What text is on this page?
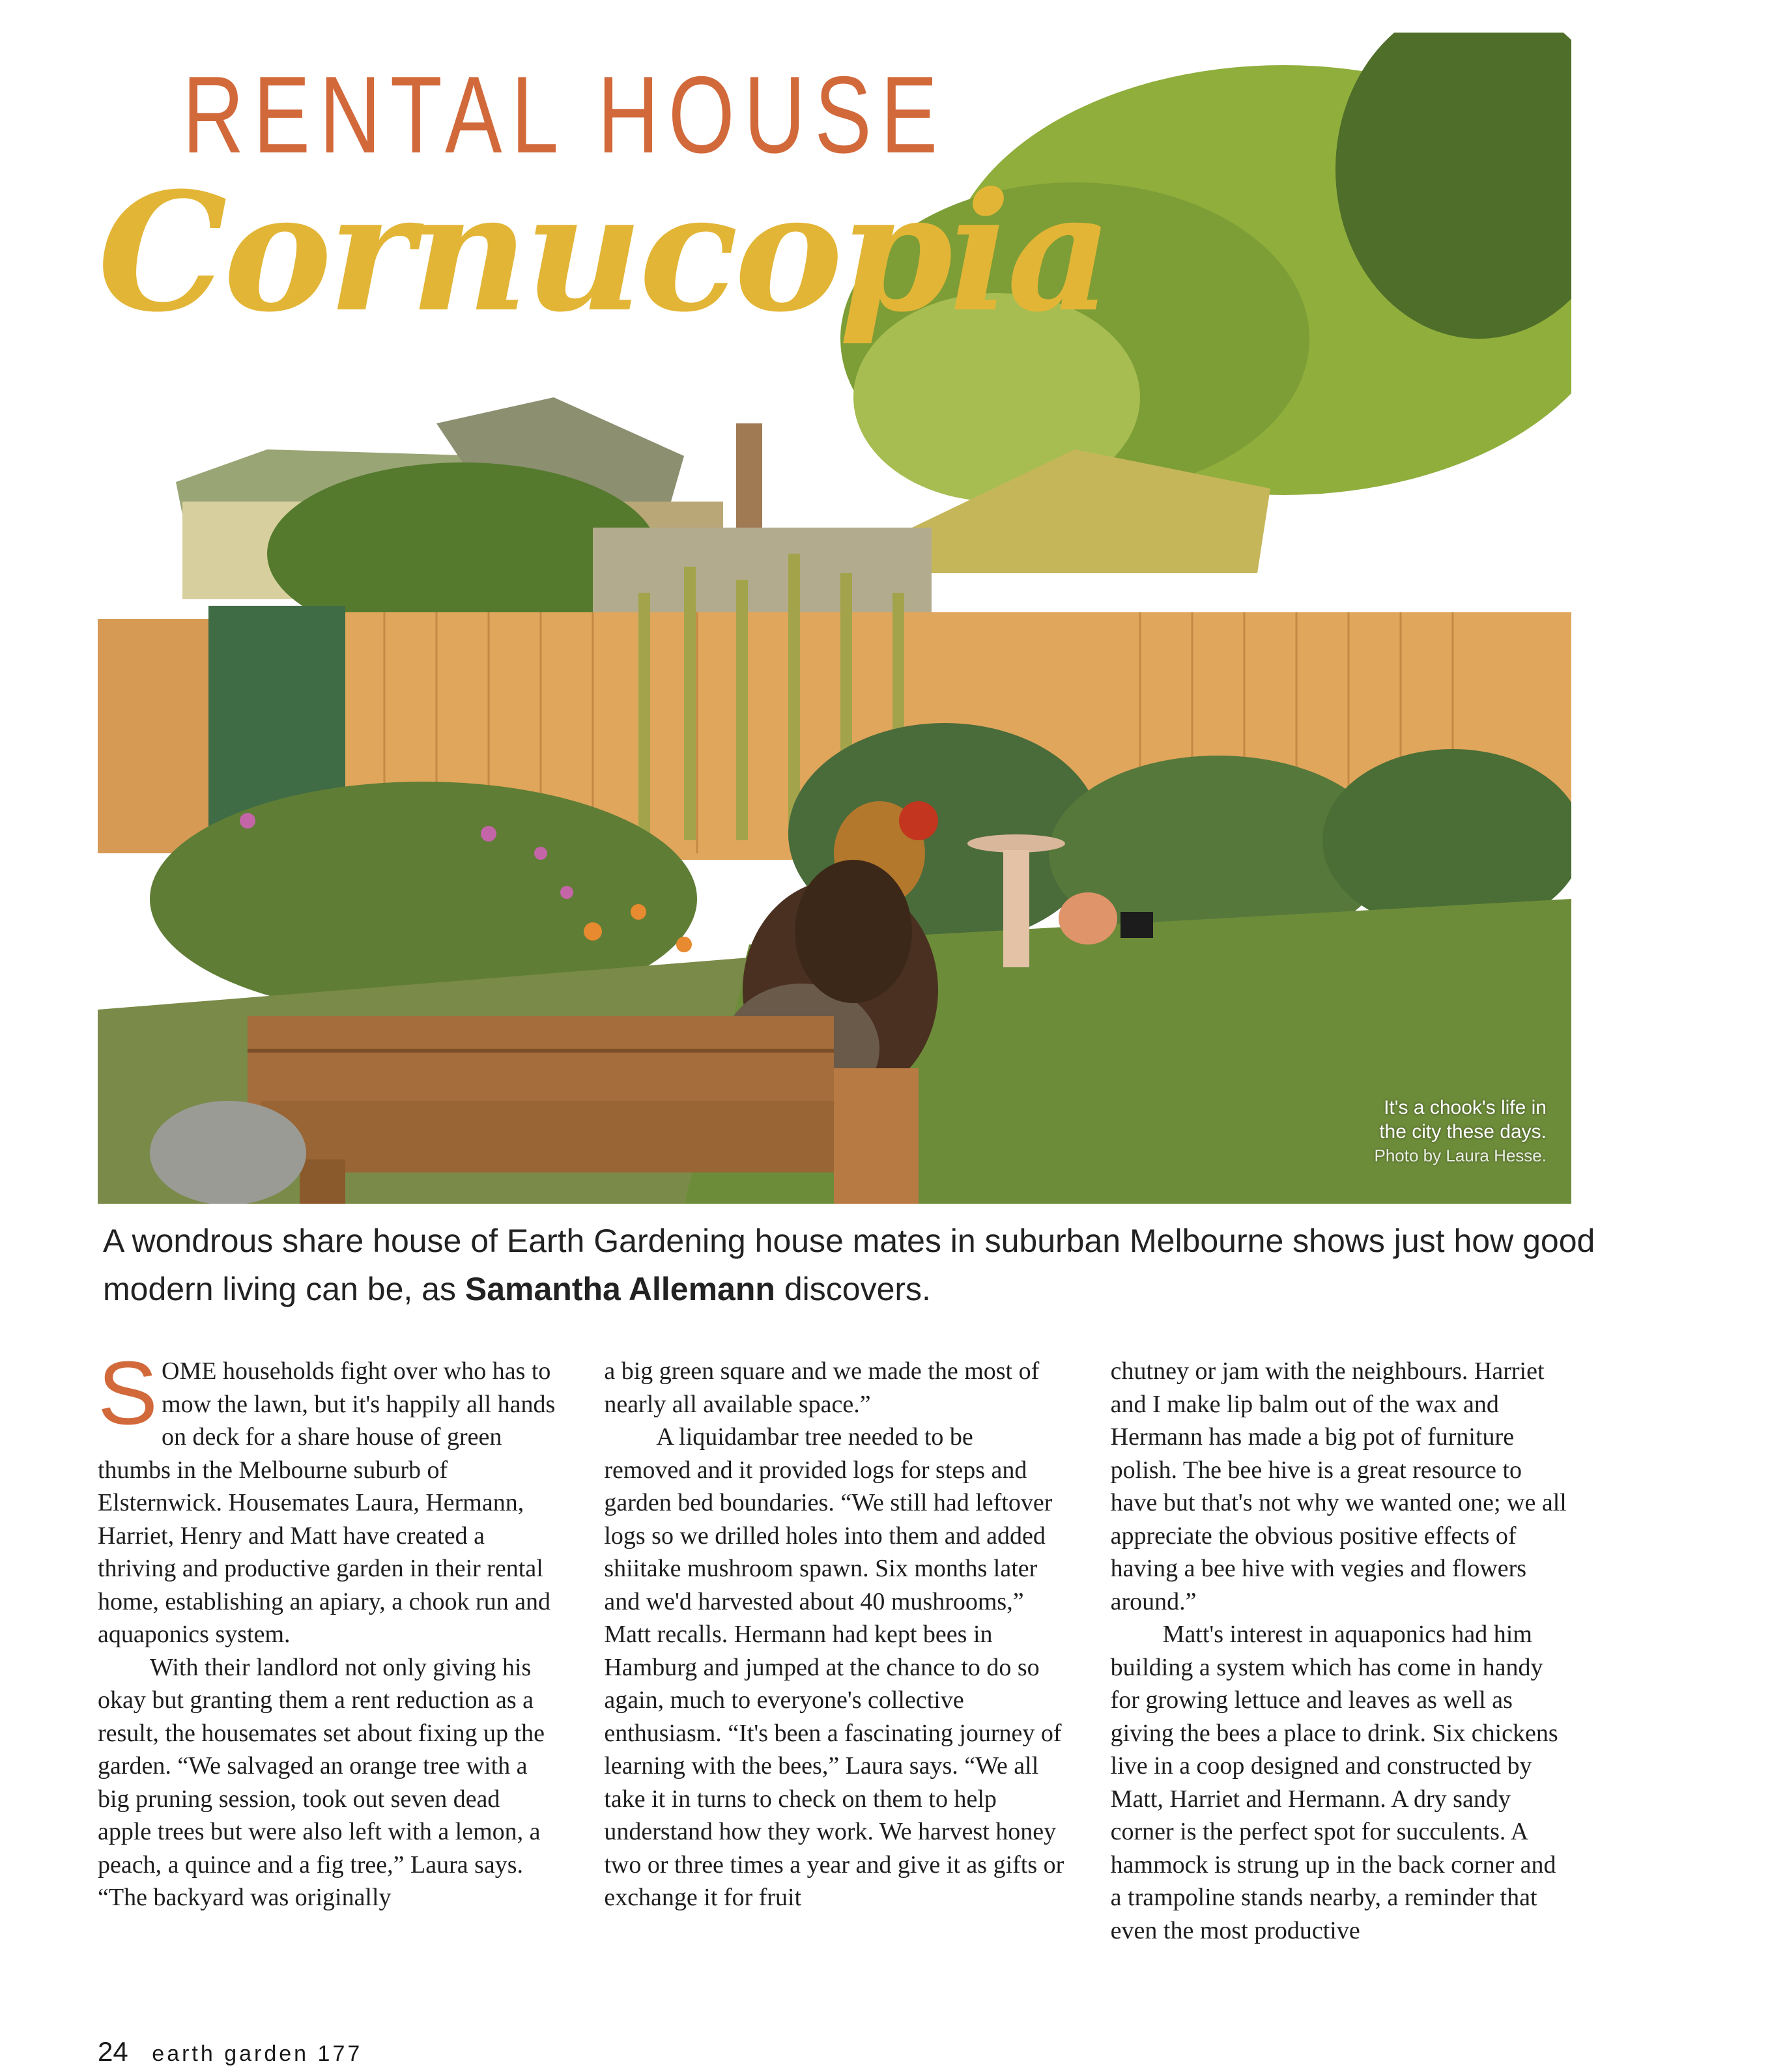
It's a chook's life in
the city these days.
Photo by Laura Hesse.
RENTAL HOUSE
Cornucopia
A wondrous share house of Earth Gardening house mates in suburban Melbourne shows just how good modern living can be, as Samantha Allemann discovers.

SOME households fight over who has to mow the lawn, but it's happily all hands on deck for a share house of green thumbs in the Melbourne suburb of Elsternwick. Housemates Laura, Hermann, Harriet, Henry and Matt have created a thriving and productive garden in their rental home, establishing an apiary, a chook run and aquaponics system.

With their landlord not only giving his okay but granting them a rent reduction as a result, the housemates set about fixing up the garden. “We salvaged an orange tree with a big pruning session, took out seven dead apple trees but were also left with a lemon, a peach, a quince and a fig tree,” Laura says. “The backyard was originally

a big green square and we made the most of nearly all available space.”

A liquidambar tree needed to be removed and it provided logs for steps and garden bed boundaries. “We still had leftover logs so we drilled holes into them and added shiitake mushroom spawn. Six months later and we'd harvested about 40 mushrooms,” Matt recalls. Hermann had kept bees in Hamburg and jumped at the chance to do so again, much to everyone's collective enthusiasm. “It's been a fascinating journey of learning with the bees,” Laura says. “We all take it in turns to check on them to help understand how they work. We harvest honey two or three times a year and give it as gifts or exchange it for fruit

chutney or jam with the neighbours. Harriet and I make lip balm out of the wax and Hermann has made a big pot of furniture polish. The bee hive is a great resource to have but that's not why we wanted one; we all appreciate the obvious positive effects of having a bee hive with vegies and flowers around.”

Matt's interest in aquaponics had him building a system which has come in handy for growing lettuce and leaves as well as giving the bees a place to drink. Six chickens live in a coop designed and constructed by Matt, Harriet and Hermann. A dry sandy corner is the perfect spot for succulents. A hammock is strung up in the back corner and a trampoline stands nearby, a reminder that even the most productive

24 earth garden 177
